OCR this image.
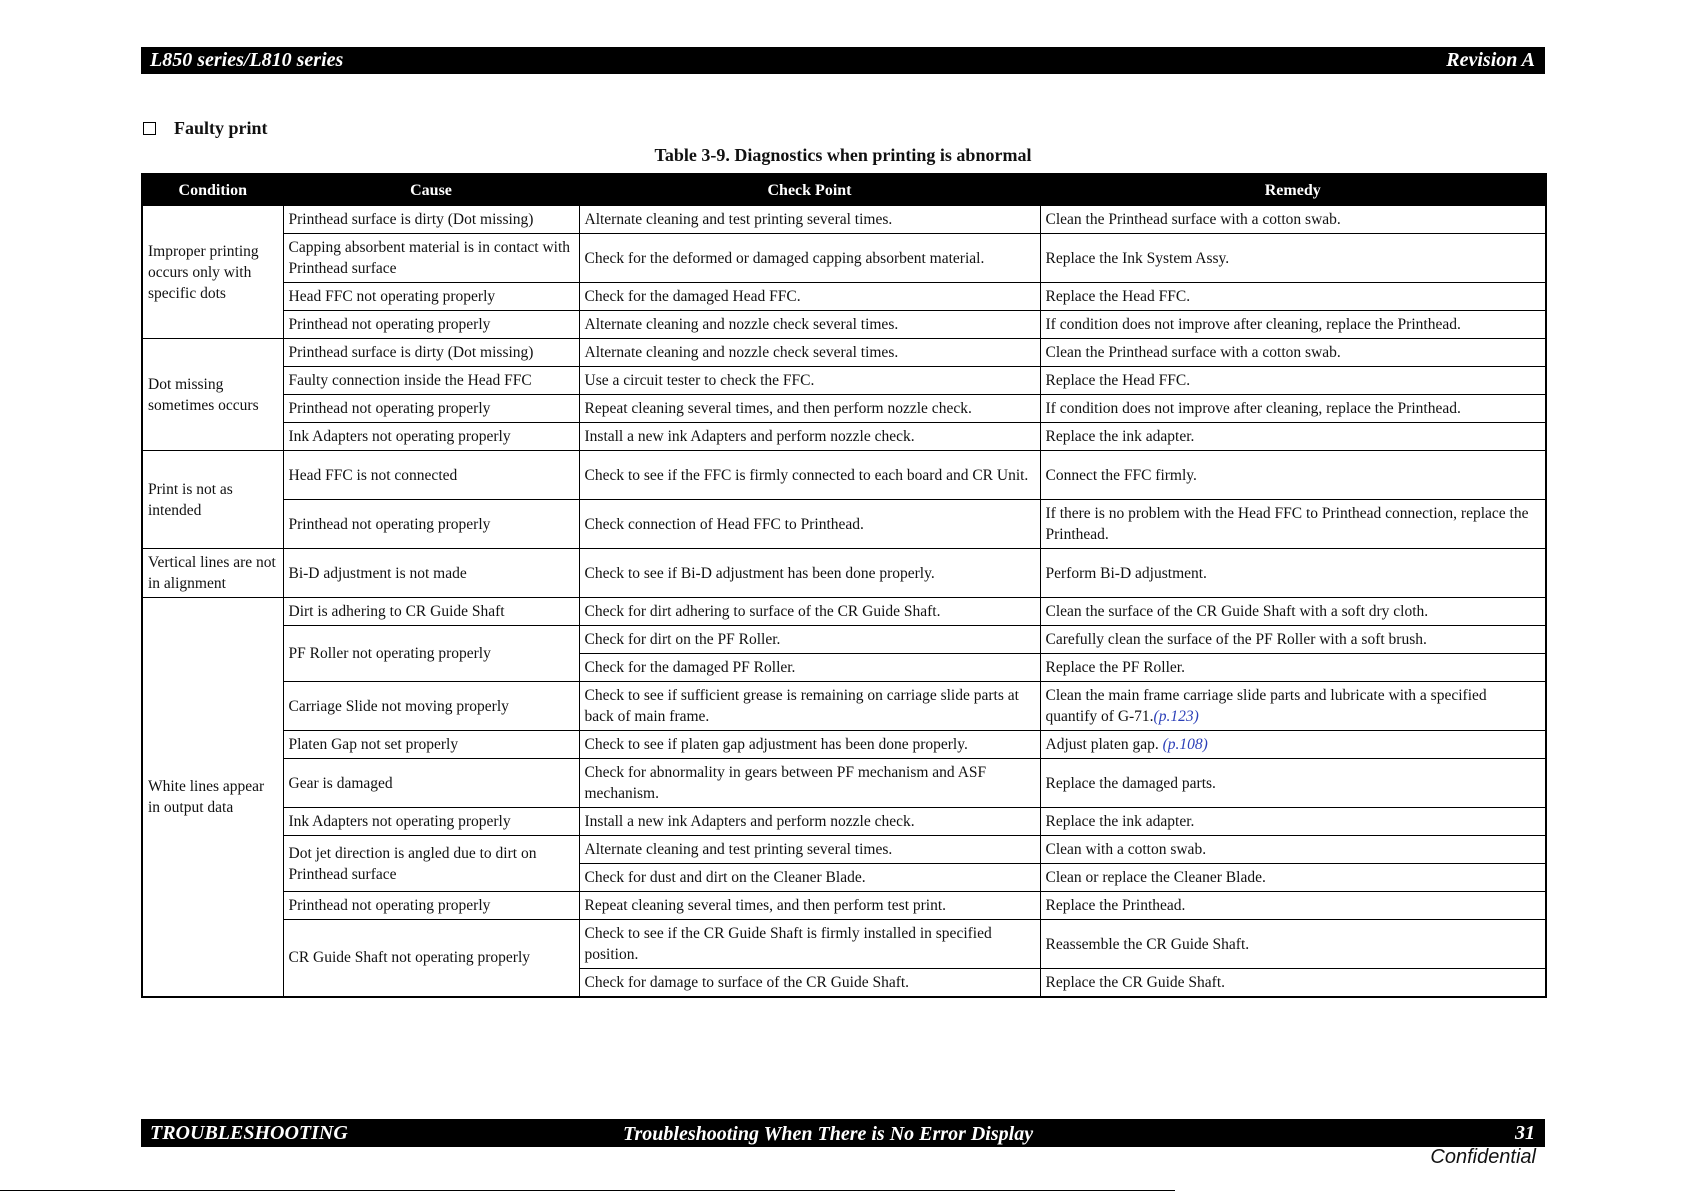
L850 series/L810 series	Revision A
Faulty print
Table 3-9. Diagnostics when printing is abnormal
Condition	Cause	Check Point	Remedy
Improper printing occurs only with specific dots	Printhead surface is dirty (Dot missing)	Alternate cleaning and test printing several times.	Clean the Printhead surface with a cotton swab.
	Capping absorbent material is in contact with Printhead surface	Check for the deformed or damaged capping absorbent material.	Replace the Ink System Assy.
	Head FFC not operating properly	Check for the damaged Head FFC.	Replace the Head FFC.
	Printhead not operating properly	Alternate cleaning and nozzle check several times.	If condition does not improve after cleaning, replace the Printhead.
Dot missing sometimes occurs	Printhead surface is dirty (Dot missing)	Alternate cleaning and nozzle check several times.	Clean the Printhead surface with a cotton swab.
	Faulty connection inside the Head FFC	Use a circuit tester to check the FFC.	Replace the Head FFC.
	Printhead not operating properly	Repeat cleaning several times, and then perform nozzle check.	If condition does not improve after cleaning, replace the Printhead.
	Ink Adapters not operating properly	Install a new ink Adapters and perform nozzle check.	Replace the ink adapter.
Print is not as intended	Head FFC is not connected	Check to see if the FFC is firmly connected to each board and CR Unit.	Connect the FFC firmly.
	Printhead not operating properly	Check connection of Head FFC to Printhead.	If there is no problem with the Head FFC to Printhead connection, replace the Printhead.
Vertical lines are not in alignment	Bi-D adjustment is not made	Check to see if Bi-D adjustment has been done properly.	Perform Bi-D adjustment.
White lines appear in output data	Dirt is adhering to CR Guide Shaft	Check for dirt adhering to surface of the CR Guide Shaft.	Clean the surface of the CR Guide Shaft with a soft dry cloth.
	PF Roller not operating properly	Check for dirt on the PF Roller.	Carefully clean the surface of the PF Roller with a soft brush.
		Check for the damaged PF Roller.	Replace the PF Roller.
	Carriage Slide not moving properly	Check to see if sufficient grease is remaining on carriage slide parts at back of main frame.	Clean the main frame carriage slide parts and lubricate with a specified quantify of G-71.(p.123)
	Platen Gap not set properly	Check to see if platen gap adjustment has been done properly.	Adjust platen gap. (p.108)
	Gear is damaged	Check for abnormality in gears between PF mechanism and ASF mechanism.	Replace the damaged parts.
	Ink Adapters not operating properly	Install a new ink Adapters and perform nozzle check.	Replace the ink adapter.
	Dot jet direction is angled due to dirt on Printhead surface	Alternate cleaning and test printing several times.	Clean with a cotton swab.
		Check for dust and dirt on the Cleaner Blade.	Clean or replace the Cleaner Blade.
	Printhead not operating properly	Repeat cleaning several times, and then perform test print.	Replace the Printhead.
	CR Guide Shaft not operating properly	Check to see if the CR Guide Shaft is firmly installed in specified position.	Reassemble the CR Guide Shaft.
		Check for damage to surface of the CR Guide Shaft.	Replace the CR Guide Shaft.
TROUBLESHOOTING	Troubleshooting When There is No Error Display	31
Confidential
